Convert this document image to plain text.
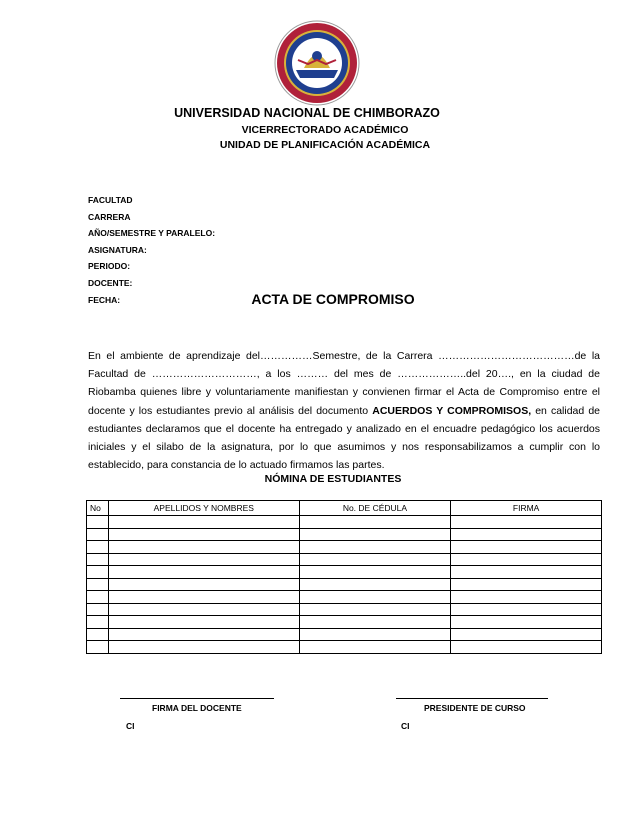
UNIVERSIDAD NACIONAL DE CHIMBORAZO
VICERRECTORADO ACADÉMICO
UNIDAD DE PLANIFICACIÓN ACADÉMICA
FACULTAD
CARRERA
AÑO/SEMESTRE Y PARALELO:
ASIGNATURA:
PERIODO:
DOCENTE:
FECHA:	ACTA DE COMPROMISO
En el ambiente de aprendizaje del……………Semestre, de la Carrera …………………………………de la Facultad de …………………………, a los ……… del mes de ………………..del 20…., en la ciudad de Riobamba quienes libre y voluntariamente manifiestan y convienen firmar el Acta de Compromiso entre el docente y los estudiantes previo al análisis del documento ACUERDOS Y COMPROMISOS, en calidad de estudiantes declaramos que el docente ha entregado y analizado en el encuadre pedagógico los acuerdos iniciales y el silabo de la asignatura, por lo que asumimos y nos responsabilizamos a cumplir con lo establecido, para constancia de lo actuado firmamos las partes.
NÓMINA DE ESTUDIANTES
No	APELLIDOS Y NOMBRES	No. DE CÉDULA	FIRMA

FIRMA DEL DOCENTE	PRESIDENTE DE CURSO
CI	CI
